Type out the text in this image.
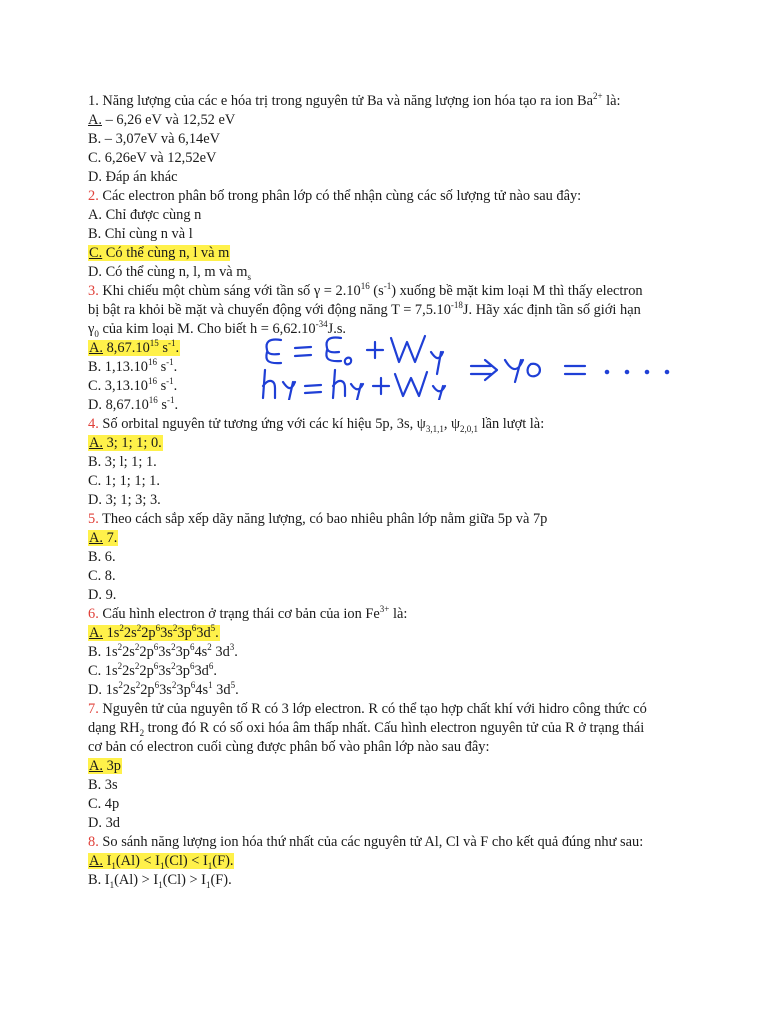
1. Năng lượng của các e hóa trị trong nguyên tử Ba và năng lượng ion hóa tạo ra ion $Ba^{2+}$ là:

A. – 6,26 eV và 12,52 eV

B. – 3,07eV và 6,14eV

C. 6,26eV và 12,52eV

D. Đáp án khác

2. Các electron phân bố trong phân lớp có thể nhận cùng các số lượng tử nào sau đây:

A. Chỉ được cùng n

B. Chỉ cùng n và l

C. Có thể cùng n, l và m

D. Có thể cùng n, l, m và $m_s$

3. Khi chiếu một chùm sáng với tần số $\gamma = 2.10^{16}$ $(s^{-1})$ xuống bề mặt kim loại M thì thấy electron

bị bật ra khỏi bề mặt và chuyển động với động năng $T = 7,5.10^{-18}J$. Hãy xác định tần số giới hạn

$\gamma_0$ của kim loại M. Cho biết $h = 6,62.10^{-34}J.s$.

A. 8,67.10$^{15}$ $s^{-1}$.

B. 1,13.10$^{16}$ $s^{-1}$.

C. 3,13.10$^{16}$ $s^{-1}$.

D. 8,67.10$^{16}$ $s^{-1}$.

4. Số orbital nguyên tử tương ứng với các kí hiệu 5p, 3s, $\psi_{3,1,1}$, $\psi_{2,0,1}$ lần lượt là:

A. 3; 1; 1; 0.

B. 3; l; 1; 1.

C. 1; 1; 1; 1.

D. 3; 1; 3; 3.

5. Theo cách sắp xếp dãy năng lượng, có bao nhiêu phân lớp nằm giữa 5p và 7p

A. 7.

B. 6.

C. 8.

D. 9.

6. Cấu hình electron ở trạng thái cơ bản của ion $Fe^{3+}$ là:

A. $1s^22s^22p^63s^23p^63d^5$.

B. $1s^22s^22p^63s^23p^64s^2$ $3d^3$.

C. $1s^22s^22p^63s^23p^63d^6$.

D. $1s^22s^22p^63s^23p^64s^1$ $3d^5$.

7. Nguyên tử của nguyên tố R có 3 lớp electron. R có thể tạo hợp chất khí với hidro công thức có

dạng $RH_2$ trong đó R có số oxi hóa âm thấp nhất. Cấu hình electron nguyên tử của R ở trạng thái

cơ bản có electron cuối cùng được phân bố vào phân lớp nào sau đây:

A. 3p

B. 3s

C. 4p

D. 3d

8. So sánh năng lượng ion hóa thứ nhất của các nguyên tử Al, Cl và F cho kết quả đúng như sau:

A. $I_1(Al) < I_1(Cl) < I_1(F)$.

B. $I_1(Al) > I_1(Cl) > I_1(F)$.
